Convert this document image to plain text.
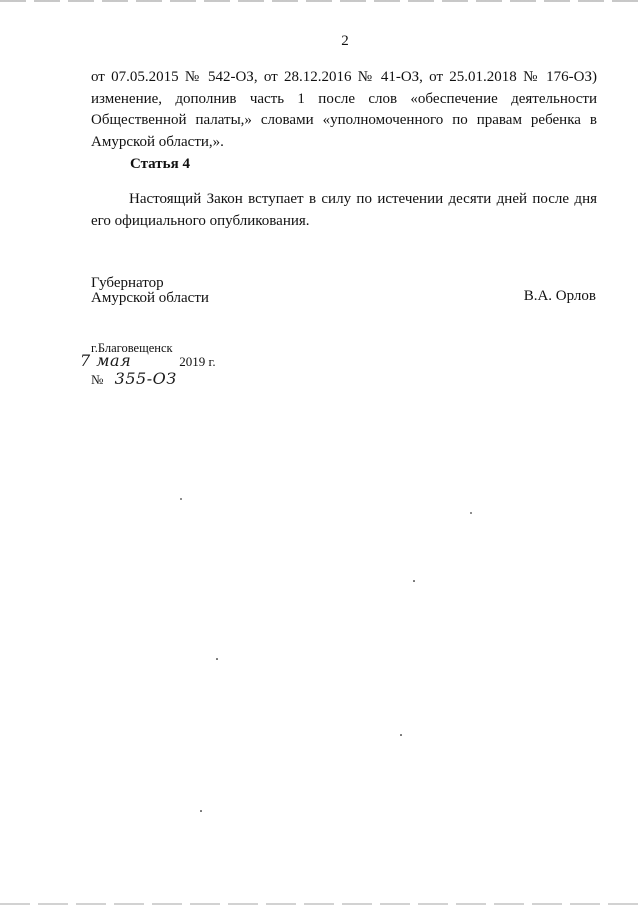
2
от 07.05.2015 № 542-ОЗ, от 28.12.2016 № 41-ОЗ, от 25.01.2018 № 176-ОЗ)
изменение, дополнив часть 1 после слов «обеспечение деятельности
Общественной палаты,» словами «уполномоченного по правам ребенка в
Амурской области,».
Статья 4
Настоящий Закон вступает в силу по истечении десяти дней после дня
его официального опубликования.
Губернатор
Амурской области	В.А. Орлов
г.Благовещенск
7 мая	2019 г.
№ 355-ОЗ
